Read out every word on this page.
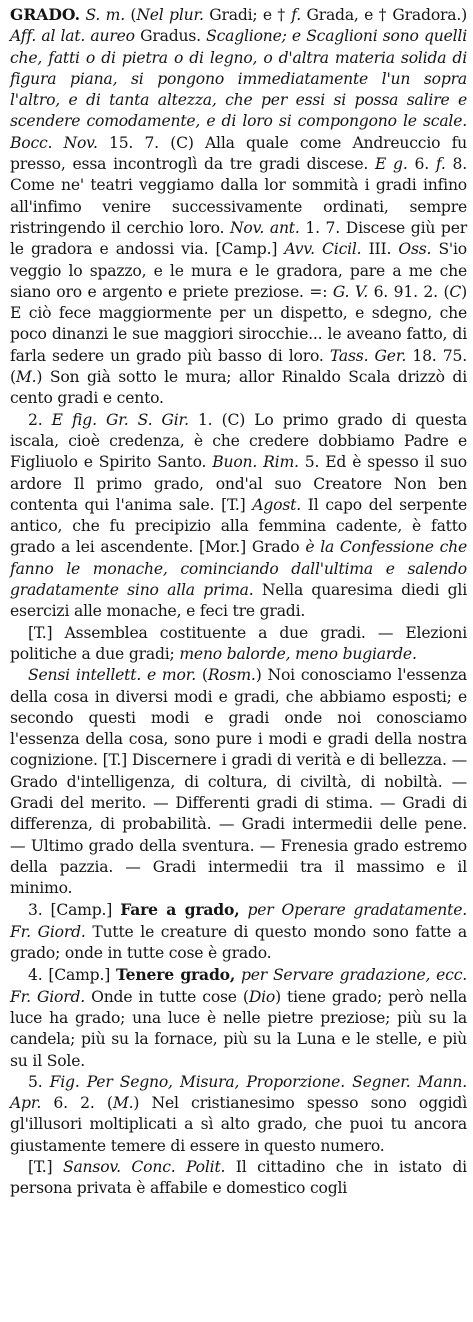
GRADO. S. m. (Nel plur. Gradi; e † f. Grada, e † Gradora.) Aff. al lat. aureo Gradus. Scaglione; e Scaglioni sono quelli che, fatti o di pietra o di legno, o d'altra materia solida di figura piana, si pongono immediatamente l'un sopra l'altro, e di tanta altezza, che per essi si possa salire e scendere comodamente, e di loro si compongono le scale. Bocc. Nov. 15. 7. (C) Alla quale come Andreuccio fu presso, essa incontroglì da tre gradi discese. E g. 6. f. 8. Come ne' teatri veggiamo dalla lor sommità i gradi infino all'infimo venire successivamente ordinati, sempre ristringendo il cerchio loro. Nov. ant. 1. 7. Discese giù per le gradora e andossi via. [Camp.] Avv. Cicil. III. Oss. S'io veggio lo spazzo, e le mura e le gradora, pare a me che siano oro e argento e priete preziose. =: G. V. 6. 91. 2. (C) E ciò fece maggiormente per un dispetto, e sdegno, che poco dinanzi le sue maggiori sirocchie... le aveano fatto, di farla sedere un grado più basso di loro. Tass. Ger. 18. 75. (M.) Son già sotto le mura; allor Rinaldo Scala drizzò di cento gradi e cento.

2. E fig. Gr. S. Gir. 1. (C) Lo primo grado di questa iscala, cioè credenza, è che credere dobbiamo Padre e Figliuolo e Spirito Santo. Buon. Rim. 5. Ed è spesso il suo ardore Il primo grado, ond'al suo Creatore Non ben contenta qui l'anima sale. [T.] Agost. Il capo del serpente antico, che fu precipizio alla femmina cadente, è fatto grado a lei ascendente. [Mor.] Grado è la Confessione che fanno le monache, cominciando dall'ultima e salendo gradatamente sino alla prima. Nella quaresima diedi gli esercizi alle monache, e feci tre gradi.

[T.] Assemblea costituente a due gradi. — Elezioni politiche a due gradi; meno balorde, meno bugiarde.

Sensi intellett. e mor. (Rosm.) Noi conosciamo l'essenza della cosa in diversi modi e gradi, che abbiamo esposti; e secondo questi modi e gradi onde noi conosciamo l'essenza della cosa, sono pure i modi e gradi della nostra cognizione. [T.] Discernere i gradi di verità e di bellezza. — Grado d'intelligenza, di coltura, di civiltà, di nobiltà. — Gradi del merito. — Differenti gradi di stima. — Gradi di differenza, di probabilità. — Gradi intermedii delle pene. — Ultimo grado della sventura. — Frenesia grado estremo della pazzia. — Gradi intermedii tra il massimo e il minimo.

3. [Camp.] Fare a grado, per Operare gradatamente. Fr. Giord. Tutte le creature di questo mondo sono fatte a grado; onde in tutte cose è grado.

4. [Camp.] Tenere grado, per Servare gradazione, ecc. Fr. Giord. Onde in tutte cose (Dio) tiene grado; però nella luce ha grado; una luce è nelle pietre preziose; più su la candela; più su la fornace, più su la Luna e le stelle, e più su il Sole.

5. Fig. Per Segno, Misura, Proporzione. Segner. Mann. Apr. 6. 2. (M.) Nel cristianesimo spesso sono oggidì gl'illusori moltiplicati a sì alto grado, che puoi tu ancora giustamente temere di essere in questo numero.

[T.] Sansov. Conc. Polit. Il cittadino che in istato di persona privata è affabile e domestico cogli
